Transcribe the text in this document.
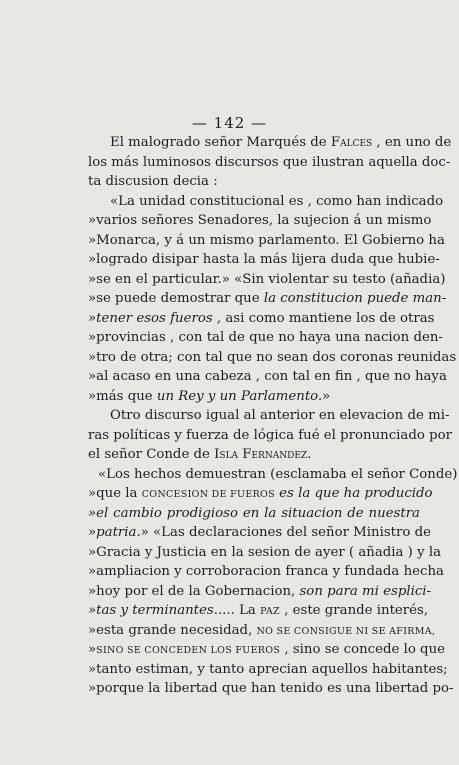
— 142 —
El malogrado señor Marqués de Falces , en uno de
los más luminosos discursos que ilustran aquella doc-
ta discusion decia :
«La unidad constitucional es , como han indicado
»varios señores Senadores, la sujecion á un mismo
»Monarca, y á un mismo parlamento. El Gobierno ha
»logrado disipar hasta la más lijera duda que hubie-
»se en el particular.» «Sin violentar su testo (añadia)
»se puede demostrar que la constitucion puede man-
»tener esos fueros , asi como mantiene los de otras
»provincias , con tal de que no haya una nacion den-
»tro de otra; con tal que no sean dos coronas reunidas
»al acaso en una cabeza , con tal en fin , que no haya
»más que un Rey y un Parlamento.»
Otro discurso igual al anterior en elevacion de mi-
ras políticas y fuerza de lógica fué el pronunciado por
el señor Conde de Isla Fernandez.
«Los hechos demuestran (esclamaba el señor Conde)
»que la CONCESION DE FUEROS es la que ha producido
»el cambio prodigioso en la situacion de nuestra
»patria.» «Las declaraciones del señor Ministro de
»Gracia y Justicia en la sesion de ayer ( añadia ) y la
»ampliacion y corroboracion franca y fundada hecha
»hoy por el de la Gobernacion, son para mi esplici-
»tas y terminantes..... La PAZ , este grande interés,
»esta grande necesidad, NO SE CONSIGUE NI SE AFIRMA,
»SINO SE CONCEDEN LOS FUEROS , sino se concede lo que
»tanto estiman, y tanto aprecian aquellos habitantes;
»porque la libertad que han tenido es una libertad po-
